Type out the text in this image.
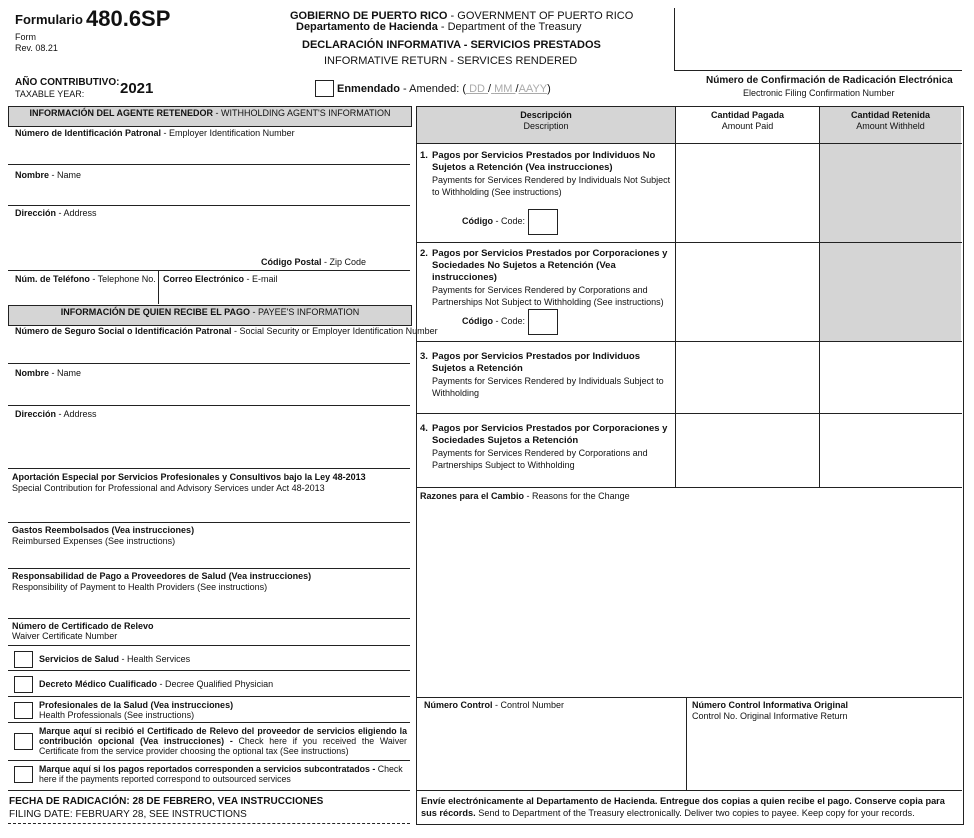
Formulario 480.6SP
Form
Rev. 08.21
GOBIERNO DE PUERTO RICO - GOVERNMENT OF PUERTO RICO
Departamento de Hacienda - Department of the Treasury
DECLARACIÓN INFORMATIVA - SERVICIOS PRESTADOS
INFORMATIVE RETURN - SERVICES RENDERED
AÑO CONTRIBUTIVO:
TAXABLE YEAR: 2021	Enmendado - Amended: ( DD / MM /AAYY)
Número de Confirmación de Radicación Electrónica
Electronic Filing Confirmation Number
INFORMACIÓN DEL AGENTE RETENEDOR - WITHHOLDING AGENT'S INFORMATION
Número de Identificación Patronal - Employer Identification Number
Nombre - Name
Dirección - Address
Código Postal - Zip Code
Núm. de Teléfono - Telephone No. Correo Electrónico - E-mail
INFORMACIÓN DE QUIEN RECIBE EL PAGO - PAYEE'S INFORMATION
Número de Seguro Social o Identificación Patronal - Social Security or Employer Identification Number
Nombre - Name
Dirección - Address
Aportación Especial por Servicios Profesionales y Consultivos bajo la Ley 48-2013
Special Contribution for Professional and Advisory Services under Act 48-2013
Gastos Reembolsados (Vea instrucciones)
Reimbursed Expenses (See instructions)
Responsabilidad de Pago a Proveedores de Salud (Vea instrucciones)
Responsibility of Payment to Health Providers (See instructions)
Número de Certificado de Relevo
Waiver Certificate Number
Servicios de Salud - Health Services
Decreto Médico Cualificado - Decree Qualified Physician
Profesionales de la Salud (Vea instrucciones)
Health Professionals (See instructions)
Marque aquí si recibió el Certificado de Relevo del proveedor de servicios eligiendo la contribución opcional (Vea instrucciones) - Check here if you received the Waiver Certificate from the service provider choosing the optional tax (See instructions)
Marque aquí si los pagos reportados corresponden a servicios subcontratados - Check here if the payments reported correspond to outsourced services
FECHA DE RADICACIÓN: 28 DE FEBRERO, VEA INSTRUCCIONES
FILING DATE: FEBRUARY 28, SEE INSTRUCTIONS
Descripción
Description
Cantidad Pagada
Amount Paid
Cantidad Retenida
Amount Withheld
1. Pagos por Servicios Prestados por Individuos No Sujetos a Retención (Vea instrucciones)
Payments for Services Rendered by Individuals Not Subject to Withholding (See instructions)
Código - Code:
2. Pagos por Servicios Prestados por Corporaciones y Sociedades No Sujetos a Retención (Vea instrucciones)
Payments for Services Rendered by Corporations and Partnerships Not Subject to Withholding (See instructions)
Código - Code:
3. Pagos por Servicios Prestados por Individuos Sujetos a Retención
Payments for Services Rendered by Individuals Subject to Withholding
4. Pagos por Servicios Prestados por Corporaciones y Sociedades Sujetos a Retención
Payments for Services Rendered by Corporations and Partnerships Subject to Withholding
Razones para el Cambio - Reasons for the Change
Número Control - Control Number	Número Control Informativa Original
Control No. Original Informative Return
Envíe electrónicamente al Departamento de Hacienda. Entregue dos copias a quien recibe el pago. Conserve copia para sus récords. Send to Department of the Treasury electronically. Deliver two copies to payee. Keep copy for your records.
